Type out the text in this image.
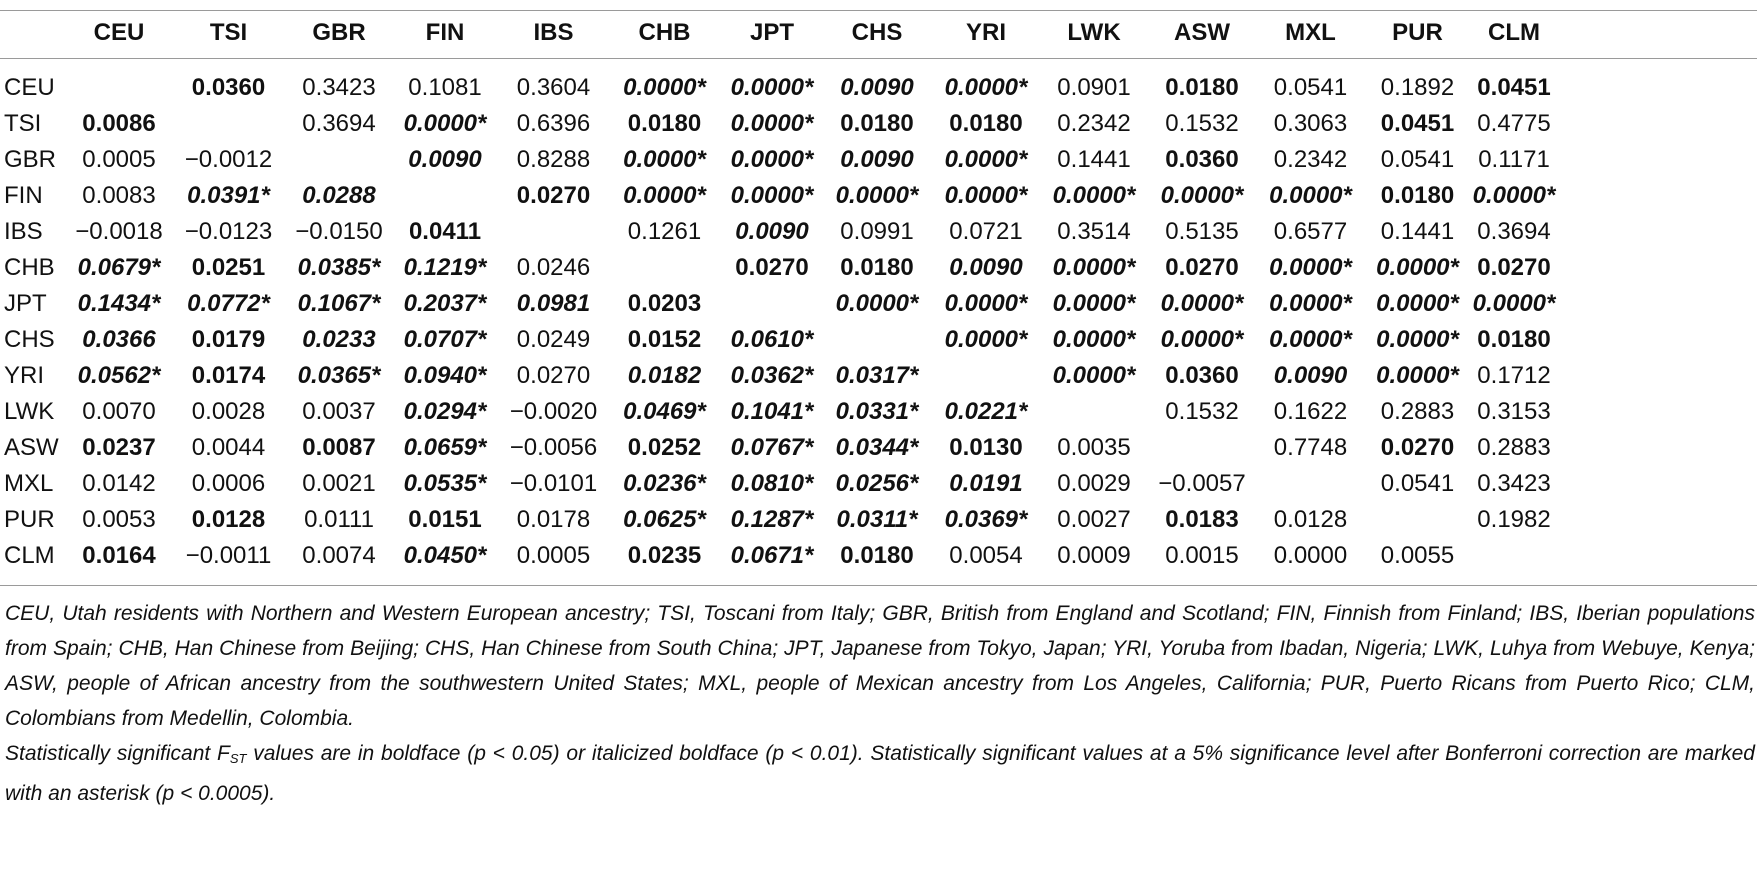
	CEU	TSI	GBR	FIN	IBS	CHB	JPT	CHS	YRI	LWK	ASW	MXL	PUR	CLM

CEU		0.0360	0.3423	0.1081	0.3604	0.0000*	0.0000*	0.0090	0.0000*	0.0901	0.0180	0.0541	0.1892	0.0451
TSI	0.0086		0.3694	0.0000*	0.6396	0.0180	0.0000*	0.0180	0.0180	0.2342	0.1532	0.3063	0.0451	0.4775
GBR	0.0005	−0.0012		0.0090	0.8288	0.0000*	0.0000*	0.0090	0.0000*	0.1441	0.0360	0.2342	0.0541	0.1171
FIN	0.0083	0.0391*	0.0288		0.0270	0.0000*	0.0000*	0.0000*	0.0000*	0.0000*	0.0000*	0.0000*	0.0180	0.0000*
IBS	−0.0018	−0.0123	−0.0150	0.0411		0.1261	0.0090	0.0991	0.0721	0.3514	0.5135	0.6577	0.1441	0.3694
CHB	0.0679*	0.0251	0.0385*	0.1219*	0.0246		0.0270	0.0180	0.0090	0.0000*	0.0270	0.0000*	0.0000*	0.0270
JPT	0.1434*	0.0772*	0.1067*	0.2037*	0.0981	0.0203		0.0000*	0.0000*	0.0000*	0.0000*	0.0000*	0.0000*	0.0000*
CHS	0.0366	0.0179	0.0233	0.0707*	0.0249	0.0152	0.0610*		0.0000*	0.0000*	0.0000*	0.0000*	0.0000*	0.0180
YRI	0.0562*	0.0174	0.0365*	0.0940*	0.0270	0.0182	0.0362*	0.0317*		0.0000*	0.0360	0.0090	0.0000*	0.1712
LWK	0.0070	0.0028	0.0037	0.0294*	−0.0020	0.0469*	0.1041*	0.0331*	0.0221*		0.1532	0.1622	0.2883	0.3153
ASW	0.0237	0.0044	0.0087	0.0659*	−0.0056	0.0252	0.0767*	0.0344*	0.0130	0.0035		0.7748	0.0270	0.2883
MXL	0.0142	0.0006	0.0021	0.0535*	−0.0101	0.0236*	0.0810*	0.0256*	0.0191	0.0029	−0.0057		0.0541	0.3423
PUR	0.0053	0.0128	0.0111	0.0151	0.0178	0.0625*	0.1287*	0.0311*	0.0369*	0.0027	0.0183	0.0128		0.1982
CLM	0.0164	−0.0011	0.0074	0.0450*	0.0005	0.0235	0.0671*	0.0180	0.0054	0.0009	0.0015	0.0000	0.0055	

CEU, Utah residents with Northern and Western European ancestry; TSI, Toscani from Italy; GBR, British from England and Scotland; FIN, Finnish from Finland; IBS, Iberian populations from Spain; CHB, Han Chinese from Beijing; CHS, Han Chinese from South China; JPT, Japanese from Tokyo, Japan; YRI, Yoruba from Ibadan, Nigeria; LWK, Luhya from Webuye, Kenya; ASW, people of African ancestry from the southwestern United States; MXL, people of Mexican ancestry from Los Angeles, California; PUR, Puerto Ricans from Puerto Rico; CLM, Colombians from Medellin, Colombia.

Statistically significant $F_{ST}$ values are in boldface (p < 0.05) or italicized boldface (p < 0.01). Statistically significant values at a 5% significance level after Bonferroni correction are marked with an asterisk (p < 0.0005).
